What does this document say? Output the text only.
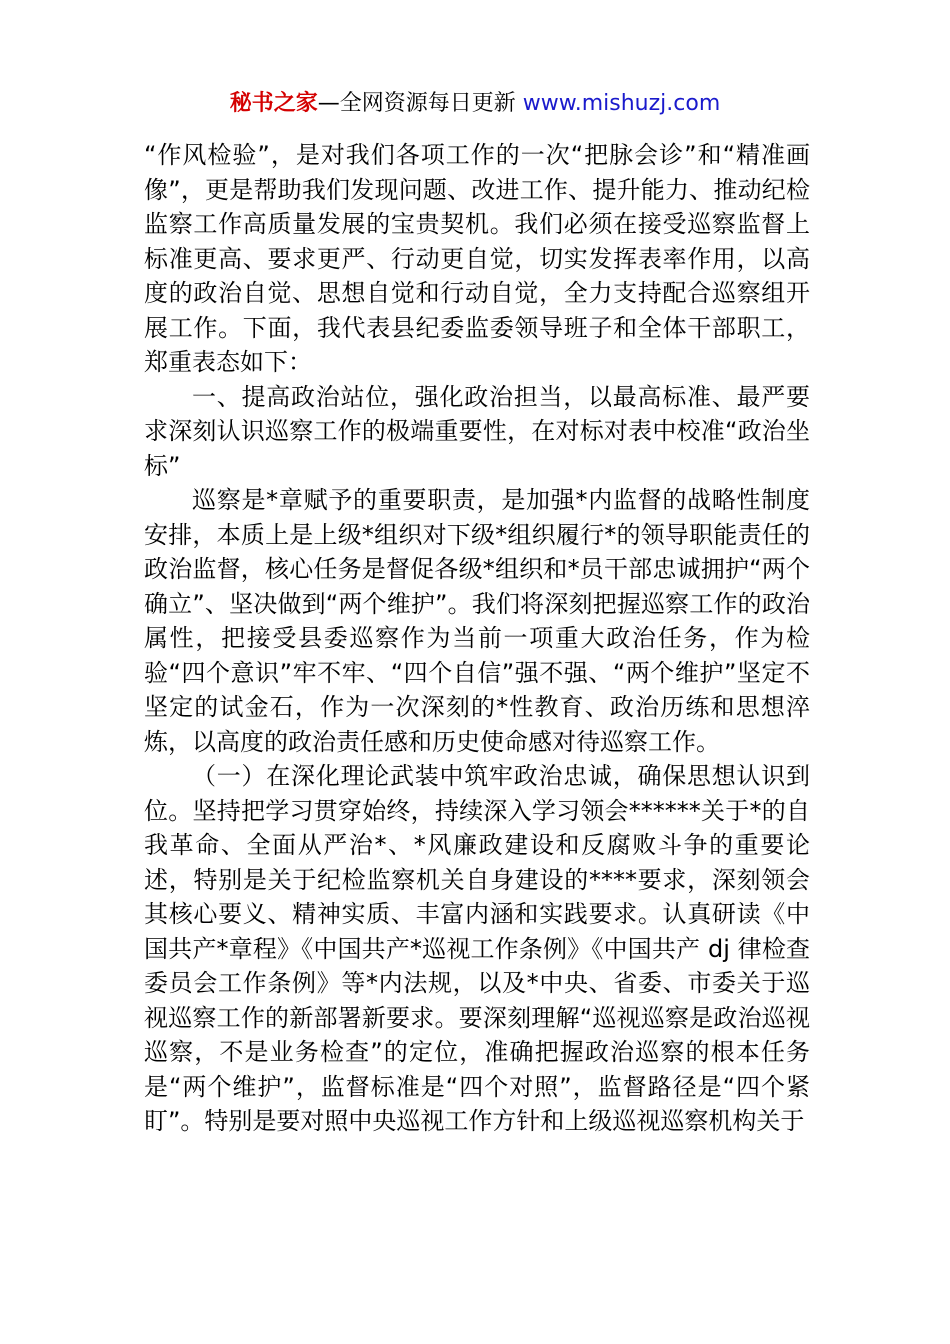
秘书之家—全网资源每日更新 www.mishuzj.com

“作风检验”，是对我们各项工作的一次“把脉会诊”和“精准画像”，更是帮助我们发现问题、改进工作、提升能力、推动纪检监察工作高质量发展的宝贵契机。我们必须在接受巡察监督上标准更高、要求更严、行动更自觉，切实发挥表率作用，以高度的政治自觉、思想自觉和行动自觉，全力支持配合巡察组开展工作。下面，我代表县纪委监委领导班子和全体干部职工，郑重表态如下：

一、提高政治站位，强化政治担当，以最高标准、最严要求深刻认识巡察工作的极端重要性，在对标对表中校准“政治坐标”

巡察是*章赋予的重要职责，是加强*内监督的战略性制度安排，本质上是上级*组织对下级*组织履行*的领导职能责任的政治监督，核心任务是督促各级*组织和*员干部忠诚拥护“两个确立”、坚决做到“两个维护”。我们将深刻把握巡察工作的政治属性，把接受县委巡察作为当前一项重大政治任务，作为检验“四个意识”牢不牢、“四个自信”强不强、“两个维护”坚定不坚定的试金石，作为一次深刻的*性教育、政治历练和思想淬炼，以高度的政治责任感和历史使命感对待巡察工作。

（一）在深化理论武装中筑牢政治忠诚，确保思想认识到位。坚持把学习贯穿始终，持续深入学习领会******关于*的自我革命、全面从严治*、*风廉政建设和反腐败斗争的重要论述，特别是关于纪检监察机关自身建设的****要求，深刻领会其核心要义、精神实质、丰富内涵和实践要求。认真研读《中国共产*章程》《中国共产*巡视工作条例》《中国共产 dj 律检查委员会工作条例》等*内法规，以及*中央、省委、市委关于巡视巡察工作的新部署新要求。要深刻理解“巡视巡察是政治巡视巡察，不是业务检查”的定位，准确把握政治巡察的根本任务是“两个维护”，监督标准是“四个对照”，监督路径是“四个紧盯”。特别是要对照中央巡视工作方针和上级巡视巡察机构关于
